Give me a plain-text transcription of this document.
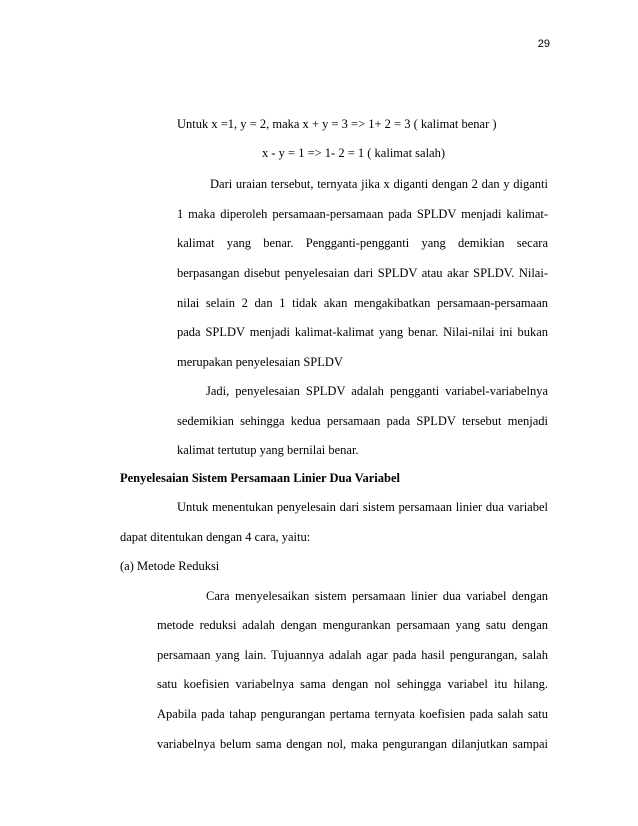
29
Untuk x =1, y = 2, maka x + y = 3 => 1+ 2 = 3 ( kalimat benar )
x - y = 1 => 1- 2 = 1 ( kalimat salah)
Dari uraian tersebut, ternyata jika x diganti dengan 2 dan y diganti
1 maka diperoleh persamaan-persamaan pada SPLDV menjadi kalimat-
kalimat yang benar. Pengganti-pengganti yang demikian secara
berpasangan disebut penyelesaian dari SPLDV atau akar SPLDV. Nilai-
nilai selain 2 dan 1 tidak akan mengakibatkan persamaan-persamaan
pada SPLDV menjadi kalimat-kalimat yang benar. Nilai-nilai ini bukan
merupakan penyelesaian SPLDV
Jadi, penyelesaian SPLDV adalah pengganti variabel-variabelnya
sedemikian sehingga kedua persamaan pada SPLDV tersebut menjadi
kalimat tertutup yang bernilai benar.
Penyelesaian Sistem Persamaan Linier Dua Variabel
Untuk menentukan penyelesain dari sistem persamaan linier dua variabel
dapat ditentukan dengan 4 cara, yaitu:
(a) Metode Reduksi
Cara menyelesaikan sistem persamaan linier dua variabel dengan
metode reduksi adalah dengan mengurankan persamaan yang satu dengan
persamaan yang lain. Tujuannya adalah agar pada hasil pengurangan, salah
satu koefisien variabelnya sama dengan nol sehingga variabel itu hilang.
Apabila pada tahap pengurangan pertama ternyata koefisien pada salah satu
variabelnya belum sama dengan nol, maka pengurangan dilanjutkan sampai
